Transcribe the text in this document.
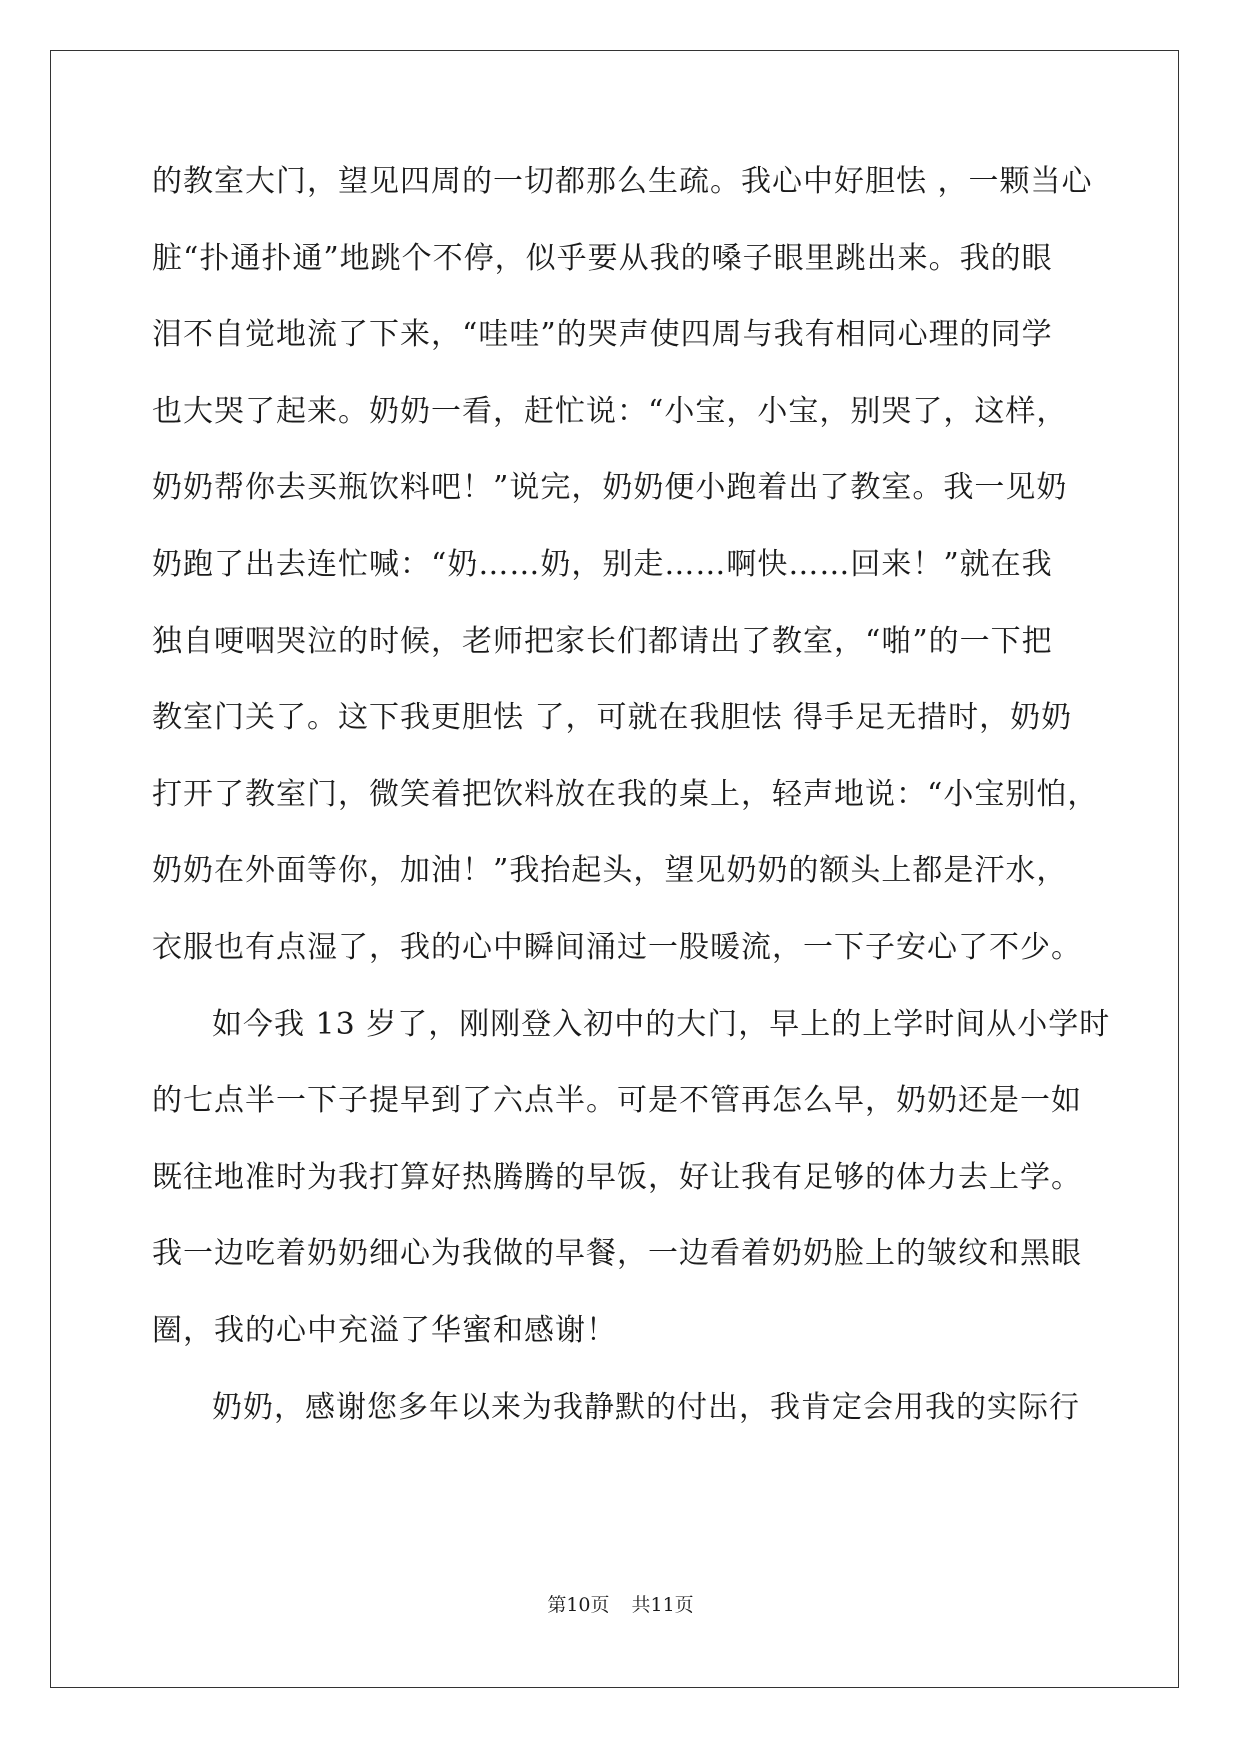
的教室大门，望见四周的一切都那么生疏。我心中好胆怯 ，一颗当心
脏“扑通扑通”地跳个不停，似乎要从我的嗓子眼里跳出来。我的眼
泪不自觉地流了下来，“哇哇”的哭声使四周与我有相同心理的同学
也大哭了起来。奶奶一看，赶忙说：“小宝，小宝，别哭了，这样，
奶奶帮你去买瓶饮料吧！”说完，奶奶便小跑着出了教室。我一见奶
奶跑了出去连忙喊：“奶……奶，别走……啊快……回来！”就在我
独自哽咽哭泣的时候，老师把家长们都请出了教室，“啪”的一下把
教室门关了。这下我更胆怯 了，可就在我胆怯 得手足无措时，奶奶
打开了教室门，微笑着把饮料放在我的桌上，轻声地说：“小宝别怕，
奶奶在外面等你，加油！”我抬起头，望见奶奶的额头上都是汗水，
衣服也有点湿了，我的心中瞬间涌过一股暖流，一下子安心了不少。
如今我 13 岁了，刚刚登入初中的大门，早上的上学时间从小学时
的七点半一下子提早到了六点半。可是不管再怎么早，奶奶还是一如
既往地准时为我打算好热腾腾的早饭，好让我有足够的体力去上学。
我一边吃着奶奶细心为我做的早餐，一边看着奶奶脸上的皱纹和黑眼
圈，我的心中充溢了华蜜和感谢！
奶奶，感谢您多年以来为我静默的付出，我肯定会用我的实际行
第10页 共11页
